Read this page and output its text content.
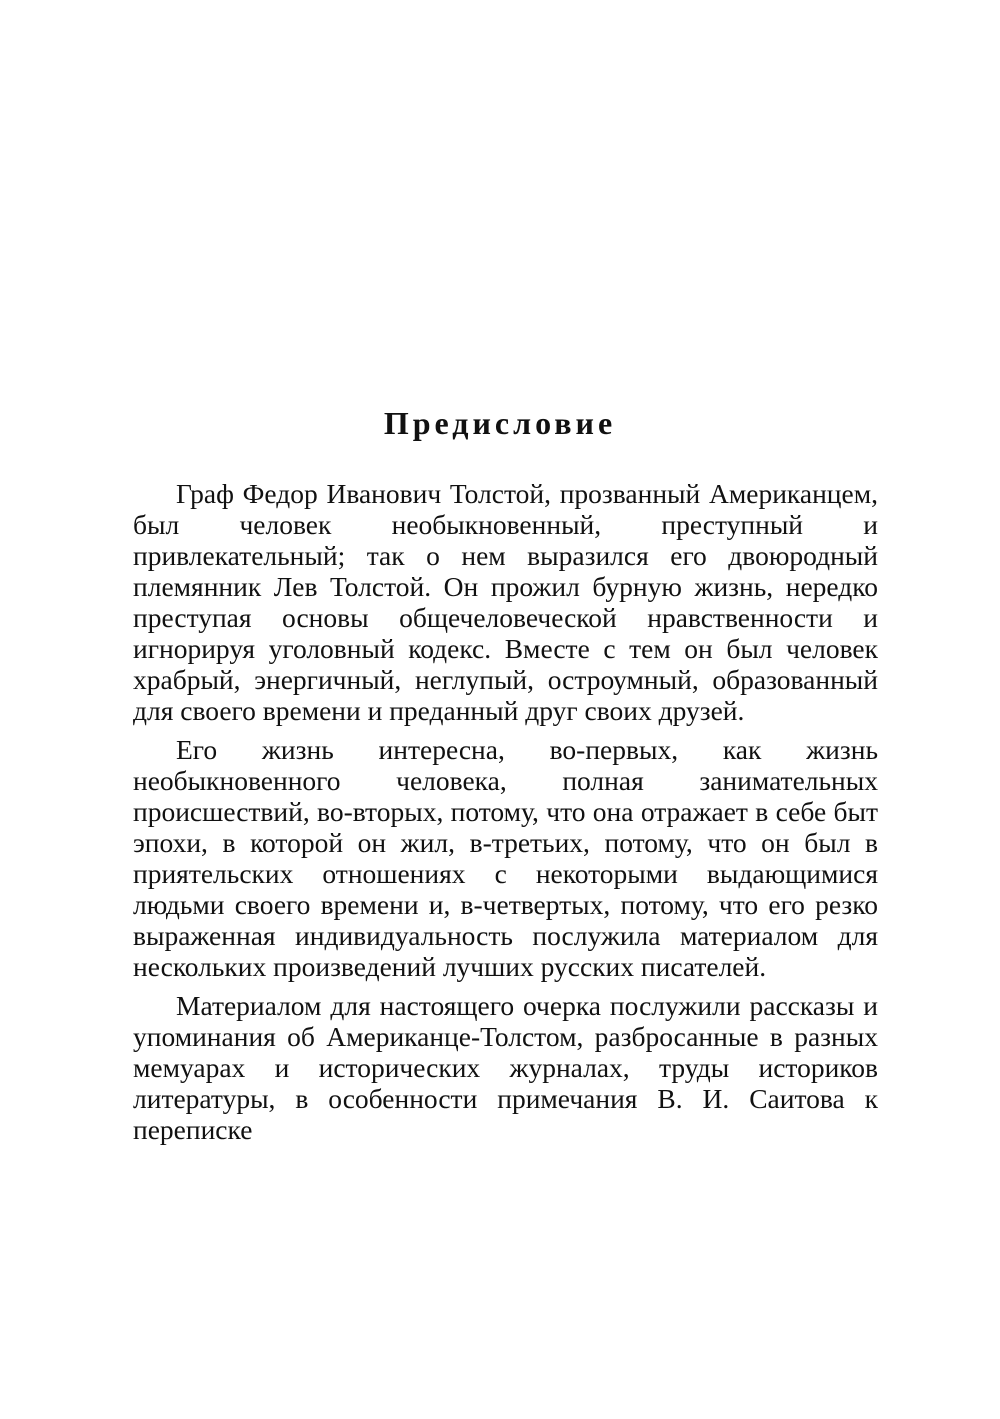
Предисловие

Граф Федор Иванович Толстой, прозванный Американцем, был человек необыкновенный, преступный и привлекательный; так о нем выразился его двоюродный племянник Лев Толстой. Он прожил бурную жизнь, нередко преступая основы общечеловеческой нравственности и игнорируя уголовный кодекс. Вместе с тем он был человек храбрый, энергичный, неглупый, остроумный, образованный для своего времени и преданный друг своих друзей.

Его жизнь интересна, во-первых, как жизнь необыкновенного человека, полная занимательных происшествий, во-вторых, потому, что она отражает в себе быт эпохи, в которой он жил, в-третьих, потому, что он был в приятельских отношениях с некоторыми выдающимися людьми своего времени и, в-четвертых, потому, что его резко выраженная индивидуальность послужила материалом для нескольких произведений лучших русских писателей.

Материалом для настоящего очерка послужили рассказы и упоминания об Американце-Толстом, разбросанные в разных мемуарах и исторических журналах, труды историков литературы, в особенности примечания В. И. Саитова к переписке
